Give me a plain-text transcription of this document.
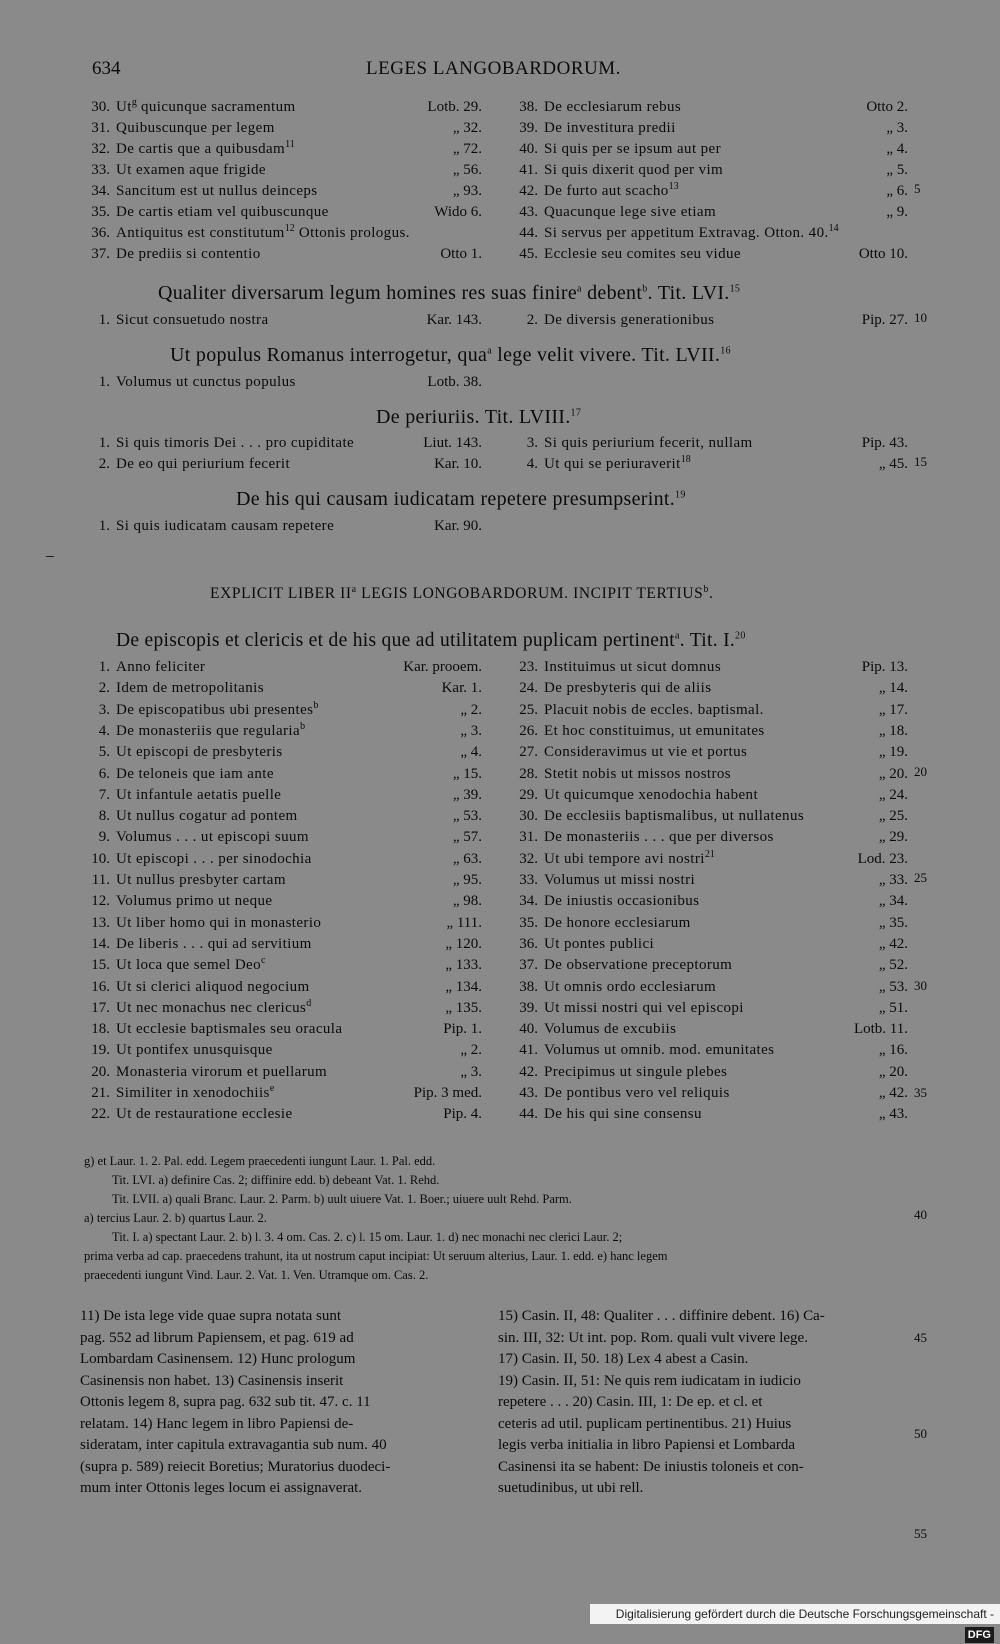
634	LEGES LANGOBARDORUM.
30. Ut$^g$ quicunque sacramentum	Lotb. 29.
31. Quibuscunque per legem	„ 32.
32. De cartis que a quibusdam$^{11}$	„ 72.
33. Ut examen aque frigide	„ 56.
34. Sancitum est ut nullus deinceps	„ 93.
35. De cartis etiam vel quibuscunque	Wido 6.
36. Antiquitus est constitutum$^{12}$ Ottonis prologus.
37. De prediis si contentio	Otto 1.
38. De ecclesiarum rebus	Otto 2.
39. De investitura predii	„ 3.
40. Si quis per se ipsum aut per	„ 4.
41. Si quis dixerit quod per vim	„ 5.
42. De furto aut scacho$^{13}$	„ 6.
43. Quacunque lege sive etiam	„ 9.
44. Si servus per appetitum Extravag. Otton. 40.14
45. Ecclesie seu comites seu vidue	Otto 10.
Qualiter diversarum legum homines res suas finire$^a$ debent$^b$. Tit. LVI.$^{15}$
1. Sicut consuetudo nostra	Kar. 143.	2. De diversis generationibus	Pip. 27.
1. Volumus ut cunctus populus	Lotb. 38.
Ut populus Romanus interrogetur, qua$^a$ lege velit vivere. Tit. LVII.$^{16}$
De periuriis. Tit. LVIII.$^{17}$
1. Si quis timoris Dei . . . pro cupiditate	Liut. 143.
2. De eo qui periurium fecerit	Kar. 10.
3. Si quis periurium fecerit, nullam	Pip. 43.
4. Ut qui se periuraverit$^{18}$	„ 45.
De his qui causam iudicatam repetere presumpserint.$^{19}$
1. Si quis iudicatam causam repetere	Kar. 90.
EXPLICIT LIBER $II^a$ LEGIS LONGOBARDORUM. INCIPIT TERTIUS$^b$.
De episcopis et clericis et de his que ad utilitatem puplicam pertinent$^a$. Tit. I.$^{20}$
1. Anno feliciter	Kar. prooem.
2. Idem de metropolitanis	Kar. 1.
3. De episcopatibus ubi presentes$^b$	„ 2.
4. De monasteriis que regularia$^b$	„ 3.
5. Ut episcopi de presbyteris	„ 4.
6. De teloneis que iam ante	„ 15.
7. Ut infantule aetatis puelle	„ 39.
8. Ut nullus cogatur ad pontem	„ 53.
9. Volumus . . . ut episcopi suum	„ 57.
10. Ut episcopi . . . per sinodochia	„ 63.
11. Ut nullus presbyter cartam	„ 95.
12. Volumus primo ut neque	„ 98.
13. Ut liber homo qui in monasterio	„ 111.
14. De liberis . . . qui ad servitium	„ 120.
15. Ut loca que semel Deo$^c$	„ 133.
16. Ut si clerici aliquod negocium	„ 134.
17. Ut nec monachus nec clericus$^d$	„ 135.
18. Ut ecclesie baptismales seu oracula	Pip. 1.
19. Ut pontifex unusquisque	„ 2.
20. Monasteria virorum et puellarum	„ 3.
21. Similiter in xenodochiis$^e$	Pip. 3 med.
22. Ut de restauratione ecclesie	Pip. 4.
23. Instituimus ut sicut domnus	Pip. 13.
24. De presbyteris qui de aliis	„ 14.
25. Placuit nobis de eccles. baptismal.	„ 17.
26. Et hoc constituimus, ut emunitates	„ 18.
27. Consideravimus ut vie et portus	„ 19.
28. Stetit nobis ut missos nostros	„ 20.
29. Ut quicumque xenodochia habent	„ 24.
30. De ecclesiis baptismalibus, ut nullatenus	„ 25.
31. De monasteriis . . . que per diversos	„ 29.
32. Ut ubi tempore avi nostri$^{21}$	Lod. 23.
33. Volumus ut missi nostri	„ 33.
34. De iniustis occasionibus	„ 34.
35. De honore ecclesiarum	„ 35.
36. Ut pontes publici	„ 42.
37. De observatione preceptorum	„ 52.
38. Ut omnis ordo ecclesiarum	„ 53.
39. Ut missi nostri qui vel episcopi	„ 51.
40. Volumus de excubiis	Lotb. 11.
41. Volumus ut omnib. mod. emunitates	„ 16.
42. Precipimus ut singule plebes	„ 20.
43. De pontibus vero vel reliquis	„ 42.
44. De his qui sine consensu	„ 43.
5
10
15
20
25
30
35
40
45
50
55
g) et Laur. 1. 2. Pal. edd. Legem praecedenti iungunt Laur. 1. Pal. edd.
Tit. LVI. a) definire Cas. 2; diffinire edd. b) debeant Vat. 1. Rehd.
Tit. LVII. a) quali Branc. Laur. 2. Parm. b) uult uiuere Vat. 1. Boer.; uiuere uult Rehd. Parm.
a) tercius Laur. 2. b) quartus Laur. 2.
Tit. I. a) spectant Laur. 2. b) l. 3. 4 om. Cas. 2. c) l. 15 om. Laur. 1. d) nec monachi nec clerici Laur. 2;
prima verba ad cap. praecedens trahunt, ita ut nostrum caput incipiat: Ut seruum alterius, Laur. 1. edd. e) hanc legem
praecedenti iungunt Vind. Laur. 2. Vat. 1. Ven. Utramque om. Cas. 2.
11) De ista lege vide quae supra notata sunt
pag. 552 ad librum Papiensem, et pag. 619 ad
Lombardam Casinensem. 12) Hunc prologum
Casinensis non habet. 13) Casinensis inserit
Ottonis legem 8, supra pag. 632 sub tit. 47. c. 11
relatam. 14) Hanc legem in libro Papiensi de-
sideratam, inter capitula extravagantia sub num. 40
(supra p. 589) reiecit Boretius; Muratorius duodeci-
mum inter Ottonis leges locum ei assignaverat.
15) Casin. II, 48: Qualiter . . . diffinire debent. 16) Ca-
sin. III, 32: Ut int. pop. Rom. quali vult vivere lege.
17) Casin. II, 50. 18) Lex 4 abest a Casin.
19) Casin. II, 51: Ne quis rem iudicatam in iudicio
repetere . . . 20) Casin. III, 1: De ep. et cl. et
ceteris ad util. puplicam pertinentibus. 21) Huius
legis verba initialia in libro Papiensi et Lombarda
Casinensi ita se habent: De iniustis toloneis et con-
suetudinibus, ut ubi rell.
Digitalisierung gefördert durch die Deutsche Forschungsgemeinschaft -DFG
